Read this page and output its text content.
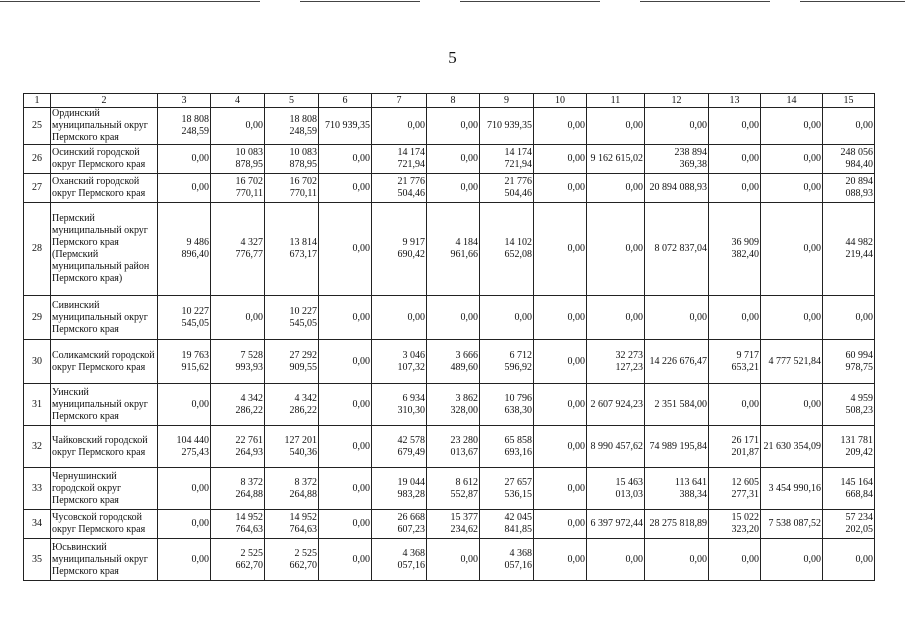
5
1	2	3	4	5	6	7	8	9	10	11	12	13	14	15
25	Ординский муниципальный округ Пермского края	18 808 248,59	0,00	18 808 248,59	710 939,35	0,00	0,00	710 939,35	0,00	0,00	0,00	0,00	0,00	0,00
26	Осинский городской округ Пермского края	0,00	10 083 878,95	10 083 878,95	0,00	14 174 721,94	0,00	14 174 721,94	0,00	9 162 615,02	238 894 369,38	0,00	0,00	248 056 984,40
27	Оханский городской округ Пермского края	0,00	16 702 770,11	16 702 770,11	0,00	21 776 504,46	0,00	21 776 504,46	0,00	0,00	20 894 088,93	0,00	0,00	20 894 088,93
28	Пермский муниципальный округ Пермского края (Пермский муниципальный район Пермского края)	9 486 896,40	4 327 776,77	13 814 673,17	0,00	9 917 690,42	4 184 961,66	14 102 652,08	0,00	0,00	8 072 837,04	36 909 382,40	0,00	44 982 219,44
29	Сивинский муниципальный округ Пермского края	10 227 545,05	0,00	10 227 545,05	0,00	0,00	0,00	0,00	0,00	0,00	0,00	0,00	0,00	0,00
30	Соликамский городской округ Пермского края	19 763 915,62	7 528 993,93	27 292 909,55	0,00	3 046 107,32	3 666 489,60	6 712 596,92	0,00	32 273 127,23	14 226 676,47	9 717 653,21	4 777 521,84	60 994 978,75
31	Уинский муниципальный округ Пермского края	0,00	4 342 286,22	4 342 286,22	0,00	6 934 310,30	3 862 328,00	10 796 638,30	0,00	2 607 924,23	2 351 584,00	0,00	0,00	4 959 508,23
32	Чайковский городской округ Пермского края	104 440 275,43	22 761 264,93	127 201 540,36	0,00	42 578 679,49	23 280 013,67	65 858 693,16	0,00	8 990 457,62	74 989 195,84	26 171 201,87	21 630 354,09	131 781 209,42
33	Чернушинский городской округ Пермского края	0,00	8 372 264,88	8 372 264,88	0,00	19 044 983,28	8 612 552,87	27 657 536,15	0,00	15 463 013,03	113 641 388,34	12 605 277,31	3 454 990,16	145 164 668,84
34	Чусовской городской округ Пермского края	0,00	14 952 764,63	14 952 764,63	0,00	26 668 607,23	15 377 234,62	42 045 841,85	0,00	6 397 972,44	28 275 818,89	15 022 323,20	7 538 087,52	57 234 202,05
35	Юсьвинский муниципальный округ Пермского края	0,00	2 525 662,70	2 525 662,70	0,00	4 368 057,16	0,00	4 368 057,16	0,00	0,00	0,00	0,00	0,00	0,00
